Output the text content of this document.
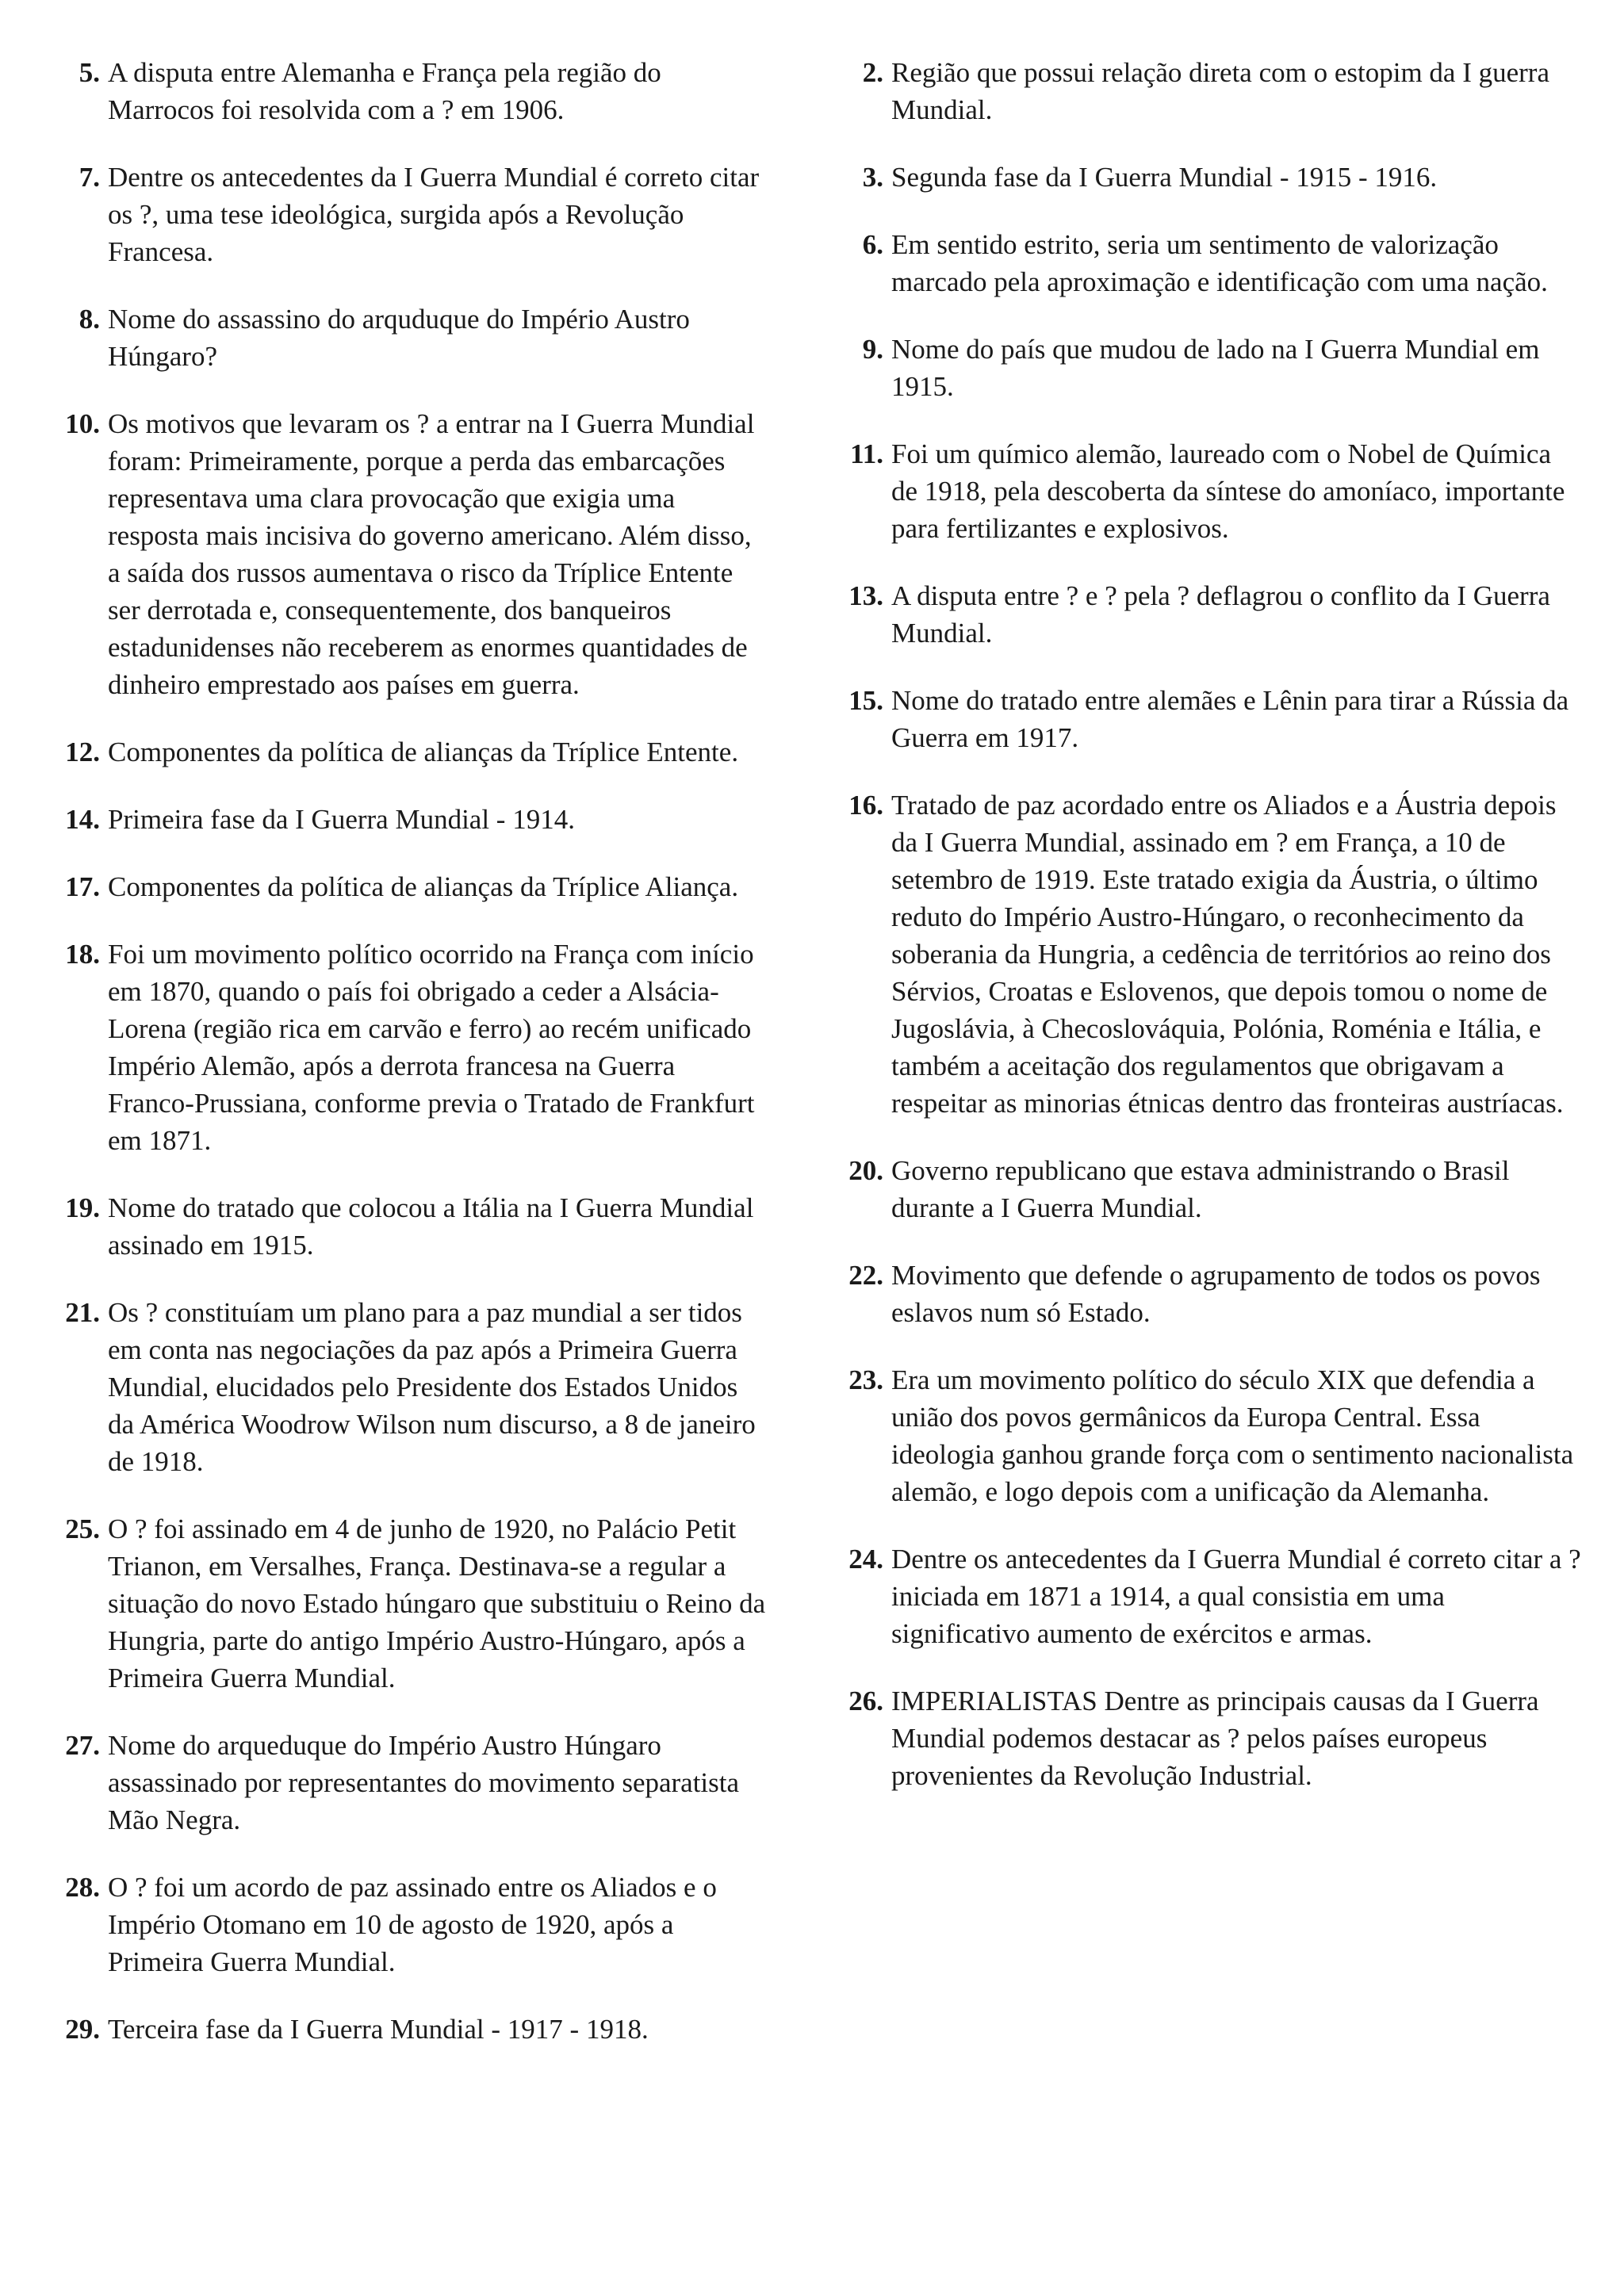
5. A disputa entre Alemanha e França pela região do Marrocos foi resolvida com a ? em 1906.
7. Dentre os antecedentes da I Guerra Mundial é correto citar os ?, uma tese ideológica, surgida após a Revolução Francesa.
8. Nome do assassino do arquduque do Império Austro Húngaro?
10. Os motivos que levaram os ? a entrar na I Guerra Mundial foram: Primeiramente, porque a perda das embarcações representava uma clara provocação que exigia uma resposta mais incisiva do governo americano. Além disso, a saída dos russos aumentava o risco da Tríplice Entente ser derrotada e, consequentemente, dos banqueiros estadunidenses não receberem as enormes quantidades de dinheiro emprestado aos países em guerra.
12. Componentes da política de alianças da Tríplice Entente.
14. Primeira fase da I Guerra Mundial - 1914.
17. Componentes da política de alianças da Tríplice Aliança.
18. Foi um movimento político ocorrido na França com início em 1870, quando o país foi obrigado a ceder a Alsácia-Lorena (região rica em carvão e ferro) ao recém unificado Império Alemão, após a derrota francesa na Guerra Franco-Prussiana, conforme previa o Tratado de Frankfurt em 1871.
19. Nome do tratado que colocou a Itália na I Guerra Mundial assinado em 1915.
21. Os ? constituíam um plano para a paz mundial a ser tidos em conta nas negociações da paz após a Primeira Guerra Mundial, elucidados pelo Presidente dos Estados Unidos da América Woodrow Wilson num discurso, a 8 de janeiro de 1918.
25. O ? foi assinado em 4 de junho de 1920, no Palácio Petit Trianon, em Versalhes, França. Destinava-se a regular a situação do novo Estado húngaro que substituiu o Reino da Hungria, parte do antigo Império Austro-Húngaro, após a Primeira Guerra Mundial.
27. Nome do arqueduque do Império Austro Húngaro assassinado por representantes do movimento separatista Mão Negra.
28. O ? foi um acordo de paz assinado entre os Aliados e o Império Otomano em 10 de agosto de 1920, após a Primeira Guerra Mundial.
29. Terceira fase da I Guerra Mundial - 1917 - 1918.
2. Região que possui relação direta com o estopim da I guerra Mundial.
3. Segunda fase da I Guerra Mundial - 1915 - 1916.
6. Em sentido estrito, seria um sentimento de valorização marcado pela aproximação e identificação com uma nação.
9. Nome do país que mudou de lado na I Guerra Mundial em 1915.
11. Foi um químico alemão, laureado com o Nobel de Química de 1918, pela descoberta da síntese do amoníaco, importante para fertilizantes e explosivos.
13. A disputa entre ? e ? pela ? deflagrou o conflito da I Guerra Mundial.
15. Nome do tratado entre alemães e Lênin para tirar a Rússia da Guerra em 1917.
16. Tratado de paz acordado entre os Aliados e a Áustria depois da I Guerra Mundial, assinado em ? em França, a 10 de setembro de 1919. Este tratado exigia da Áustria, o último reduto do Império Austro-Húngaro, o reconhecimento da soberania da Hungria, a cedência de territórios ao reino dos Sérvios, Croatas e Eslovenos, que depois tomou o nome de Jugoslávia, à Checoslováquia, Polónia, Roménia e Itália, e também a aceitação dos regulamentos que obrigavam a respeitar as minorias étnicas dentro das fronteiras austríacas.
20. Governo republicano que estava administrando o Brasil durante a I Guerra Mundial.
22. Movimento que defende o agrupamento de todos os povos eslavos num só Estado.
23. Era um movimento político do século XIX que defendia a união dos povos germânicos da Europa Central. Essa ideologia ganhou grande força com o sentimento nacionalista alemão, e logo depois com a unificação da Alemanha.
24. Dentre os antecedentes da I Guerra Mundial é correto citar a ? iniciada em 1871 a 1914, a qual consistia em uma significativo aumento de exércitos e armas.
26. IMPERIALISTAS Dentre as principais causas da I Guerra Mundial podemos destacar as ? pelos países europeus provenientes da Revolução Industrial.
